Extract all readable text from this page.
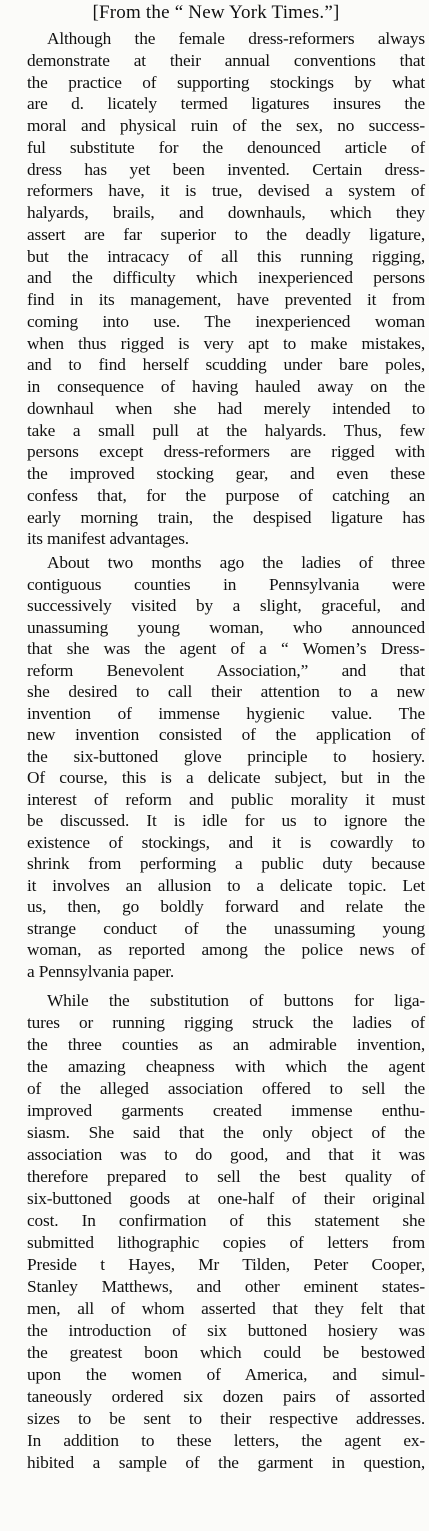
[From the “ New York Times.”]
Although the female dress-reformers always
demonstrate at their annual conventions that
the practice of supporting stockings by what
are d. licately termed ligatures insures the
moral and physical ruin of the sex, no success-
ful substitute for the denounced article of
dress has yet been invented. Certain dress-
reformers have, it is true, devised a system of
halyards, brails, and downhauls, which they
assert are far superior to the deadly ligature,
but the intracacy of all this running rigging,
and the difficulty which inexperienced persons
find in its management, have prevented it from
coming into use. The inexperienced woman
when thus rigged is very apt to make mistakes,
and to find herself scudding under bare poles,
in consequence of having hauled away on the
downhaul when she had merely intended to
take a small pull at the halyards. Thus, few
persons except dress-reformers are rigged with
the improved stocking gear, and even these
confess that, for the purpose of catching an
early morning train, the despised ligature has
its manifest advantages.
About two months ago the ladies of three
contiguous counties in Pennsylvania were
successively visited by a slight, graceful, and
unassuming young woman, who announced
that she was the agent of a “ Women’s Dress-
reform Benevolent Association,” and that
she desired to call their attention to a new
invention of immense hygienic value. The
new invention consisted of the application of
the six-buttoned glove principle to hosiery.
Of course, this is a delicate subject, but in the
interest of reform and public morality it must
be discussed. It is idle for us to ignore the
existence of stockings, and it is cowardly to
shrink from performing a public duty because
it involves an allusion to a delicate topic. Let
us, then, go boldly forward and relate the
strange conduct of the unassuming young
woman, as reported among the police news of
a Pennsylvania paper.
While the substitution of buttons for liga-
tures or running rigging struck the ladies of
the three counties as an admirable invention,
the amazing cheapness with which the agent
of the alleged association offered to sell the
improved garments created immense enthu-
siasm. She said that the only object of the
association was to do good, and that it was
therefore prepared to sell the best quality of
six-buttoned goods at one-half of their original
cost. In confirmation of this statement she
submitted lithographic copies of letters from
Preside t Hayes, Mr Tilden, Peter Cooper,
Stanley Matthews, and other eminent states-
men, all of whom asserted that they felt that
the introduction of six buttoned hosiery was
the greatest boon which could be bestowed
upon the women of America, and simul-
taneously ordered six dozen pairs of assorted
sizes to be sent to their respective addresses.
In addition to these letters, the agent ex-
hibited a sample of the garment in question,
